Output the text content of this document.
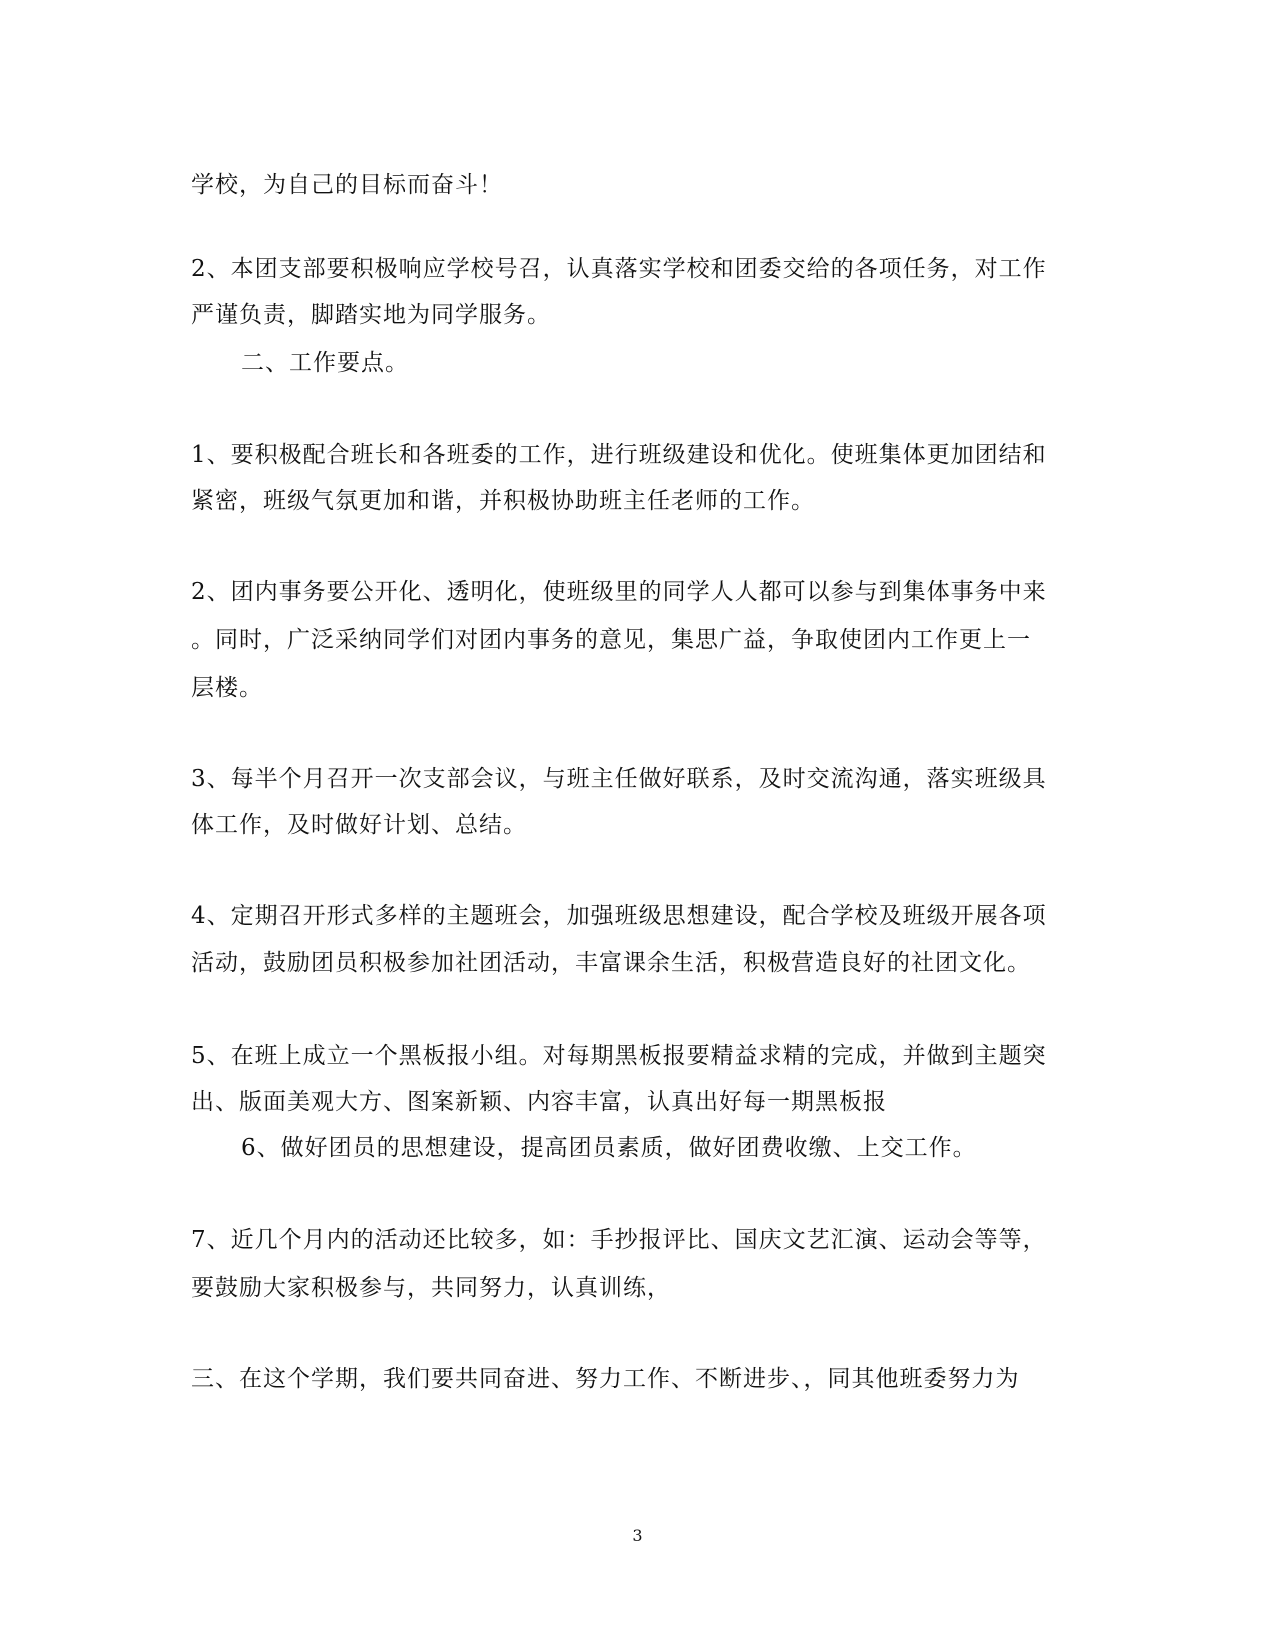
学校，为自己的目标而奋斗！
2、本团支部要积极响应学校号召，认真落实学校和团委交给的各项任务，对工作
严谨负责，脚踏实地为同学服务。
二、工作要点。
1、要积极配合班长和各班委的工作，进行班级建设和优化。使班集体更加团结和
紧密，班级气氛更加和谐，并积极协助班主任老师的工作。
2、团内事务要公开化、透明化，使班级里的同学人人都可以参与到集体事务中来
。同时，广泛采纳同学们对团内事务的意见，集思广益，争取使团内工作更上一
层楼。
3、每半个月召开一次支部会议，与班主任做好联系，及时交流沟通，落实班级具
体工作，及时做好计划、总结。
4、定期召开形式多样的主题班会，加强班级思想建设，配合学校及班级开展各项
活动，鼓励团员积极参加社团活动，丰富课余生活，积极营造良好的社团文化。
5、在班上成立一个黑板报小组。对每期黑板报要精益求精的完成，并做到主题突
出、版面美观大方、图案新颖、内容丰富，认真出好每一期黑板报
6、做好团员的思想建设，提高团员素质，做好团费收缴、上交工作。
7、近几个月内的活动还比较多，如：手抄报评比、国庆文艺汇演、运动会等等，
要鼓励大家积极参与，共同努力，认真训练，
三、在这个学期，我们要共同奋进、努力工作、不断进步、，同其他班委努力为
3
